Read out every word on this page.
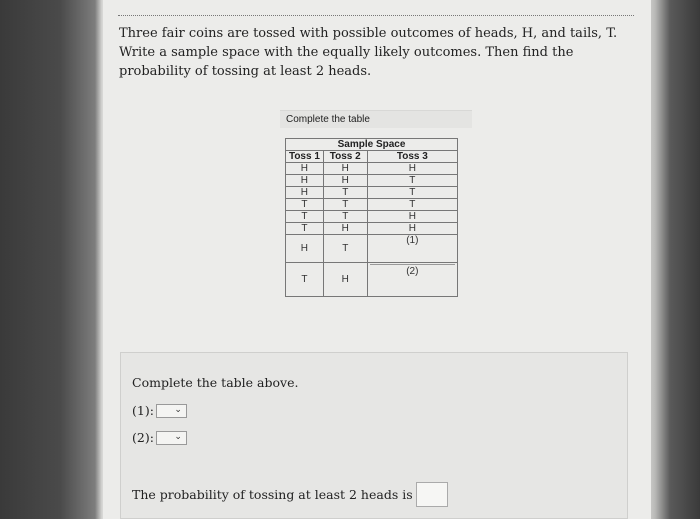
Three fair coins are tossed with possible outcomes of heads, H, and tails, T. Write a sample space with the equally likely outcomes. Then find the probability of tossing at least 2 heads.
Complete the table
Sample Space		
Toss 1	Toss 2	Toss 3
H	H	H
H	H	T
H	T	T
T	T	T
T	T	H
T	H	H
H	T	(1)

T	H	(2)
Complete the table above.
(1): ⌄
(2): ⌄
The probability of tossing at least 2 heads is
